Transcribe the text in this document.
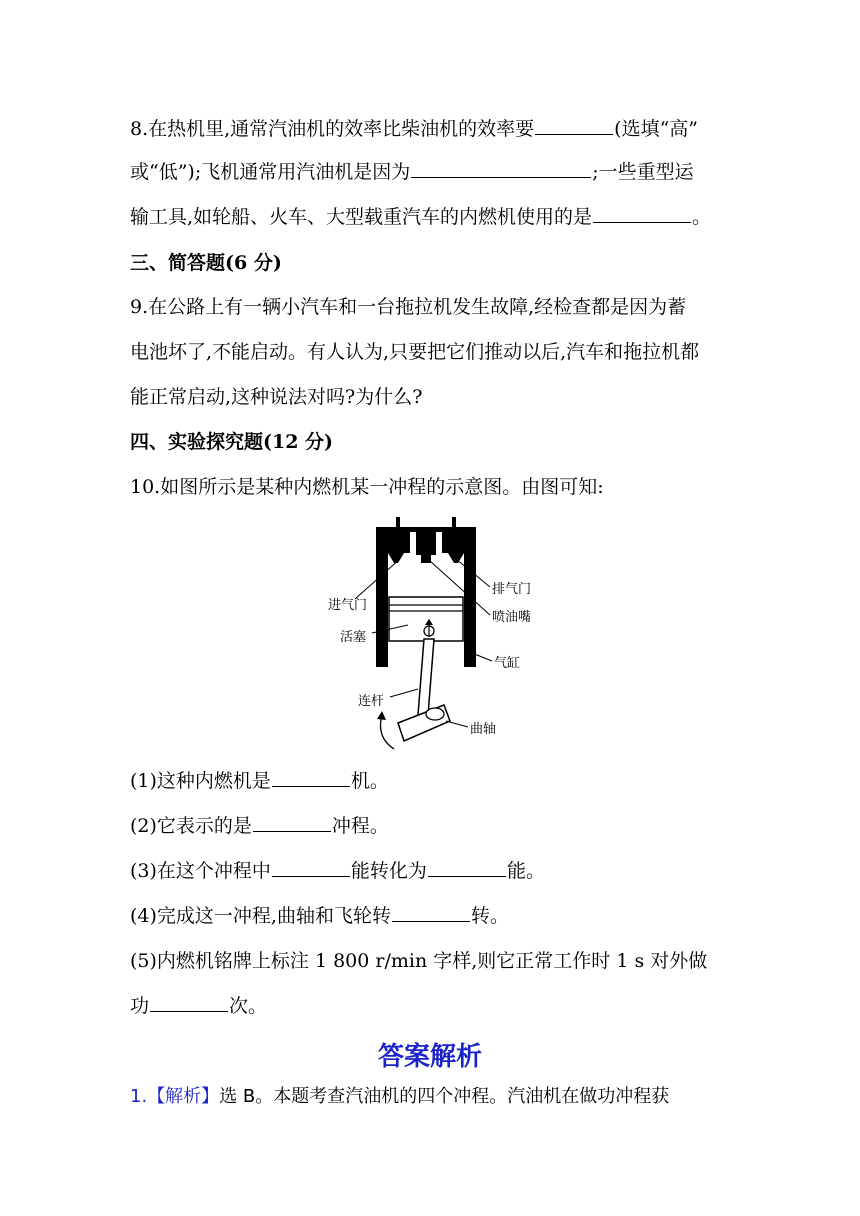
8.在热机里,通常汽油机的效率比柴油机的效率要	(选填“高”
或“低”);飞机通常用汽油机是因为	;一些重型运
输工具,如轮船、火车、大型载重汽车的内燃机使用的是	。
三、简答题(6 分)
9.在公路上有一辆小汽车和一台拖拉机发生故障,经检查都是因为蓄
电池坏了,不能启动。有人认为,只要把它们推动以后,汽车和拖拉机都
能正常启动,这种说法对吗?为什么?
四、实验探究题(12 分)
10.如图所示是某种内燃机某一冲程的示意图。由图可知:
排气门
进气门
喷油嘴
活塞
气缸
连杆
曲轴
(1)这种内燃机是	机。
(2)它表示的是	冲程。
(3)在这个冲程中	能转化为	能。
(4)完成这一冲程,曲轴和飞轮转	转。
(5)内燃机铭牌上标注 1 800 r/min 字样,则它正常工作时 1 s 对外做
功	次。
答案解析
1.【解析】选 B。本题考查汽油机的四个冲程。汽油机在做功冲程获
